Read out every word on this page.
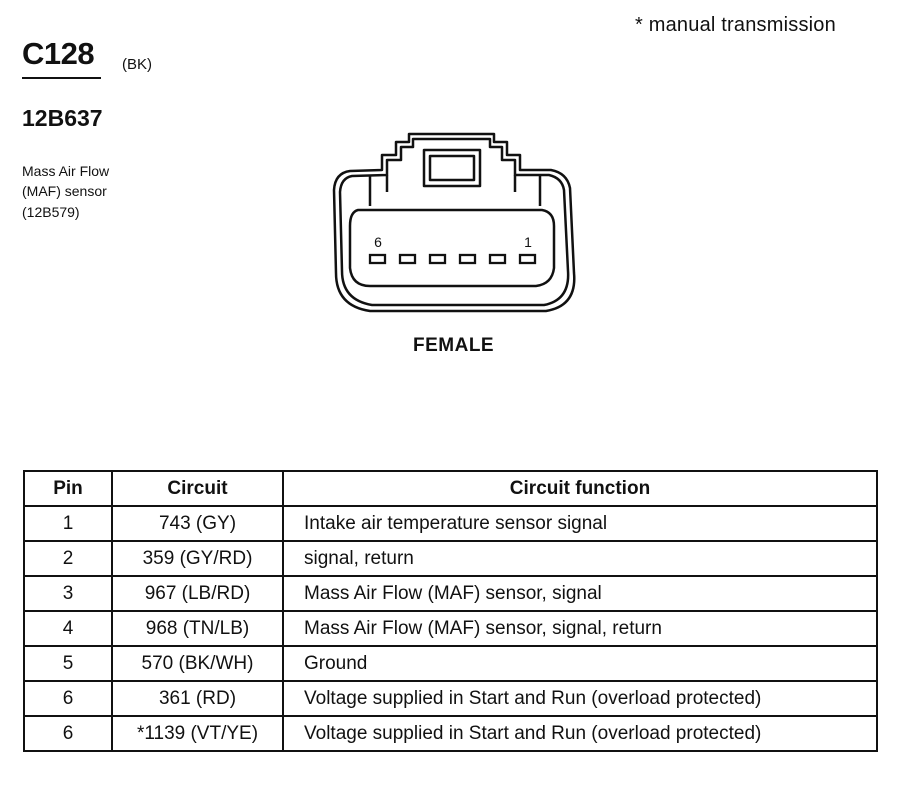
* manual transmission
C128 (BK)
12B637
Mass Air Flow
(MAF) sensor
(12B579)
6	1
FEMALE
Pin	Circuit	Circuit function
1	743 (GY)	Intake air temperature sensor signal
2	359 (GY/RD)	signal, return
3	967 (LB/RD)	Mass Air Flow (MAF) sensor, signal
4	968 (TN/LB)	Mass Air Flow (MAF) sensor, signal, return
5	570 (BK/WH)	Ground
6	361 (RD)	Voltage supplied in Start and Run (overload protected)
6	*1139 (VT/YE)	Voltage supplied in Start and Run (overload protected)
